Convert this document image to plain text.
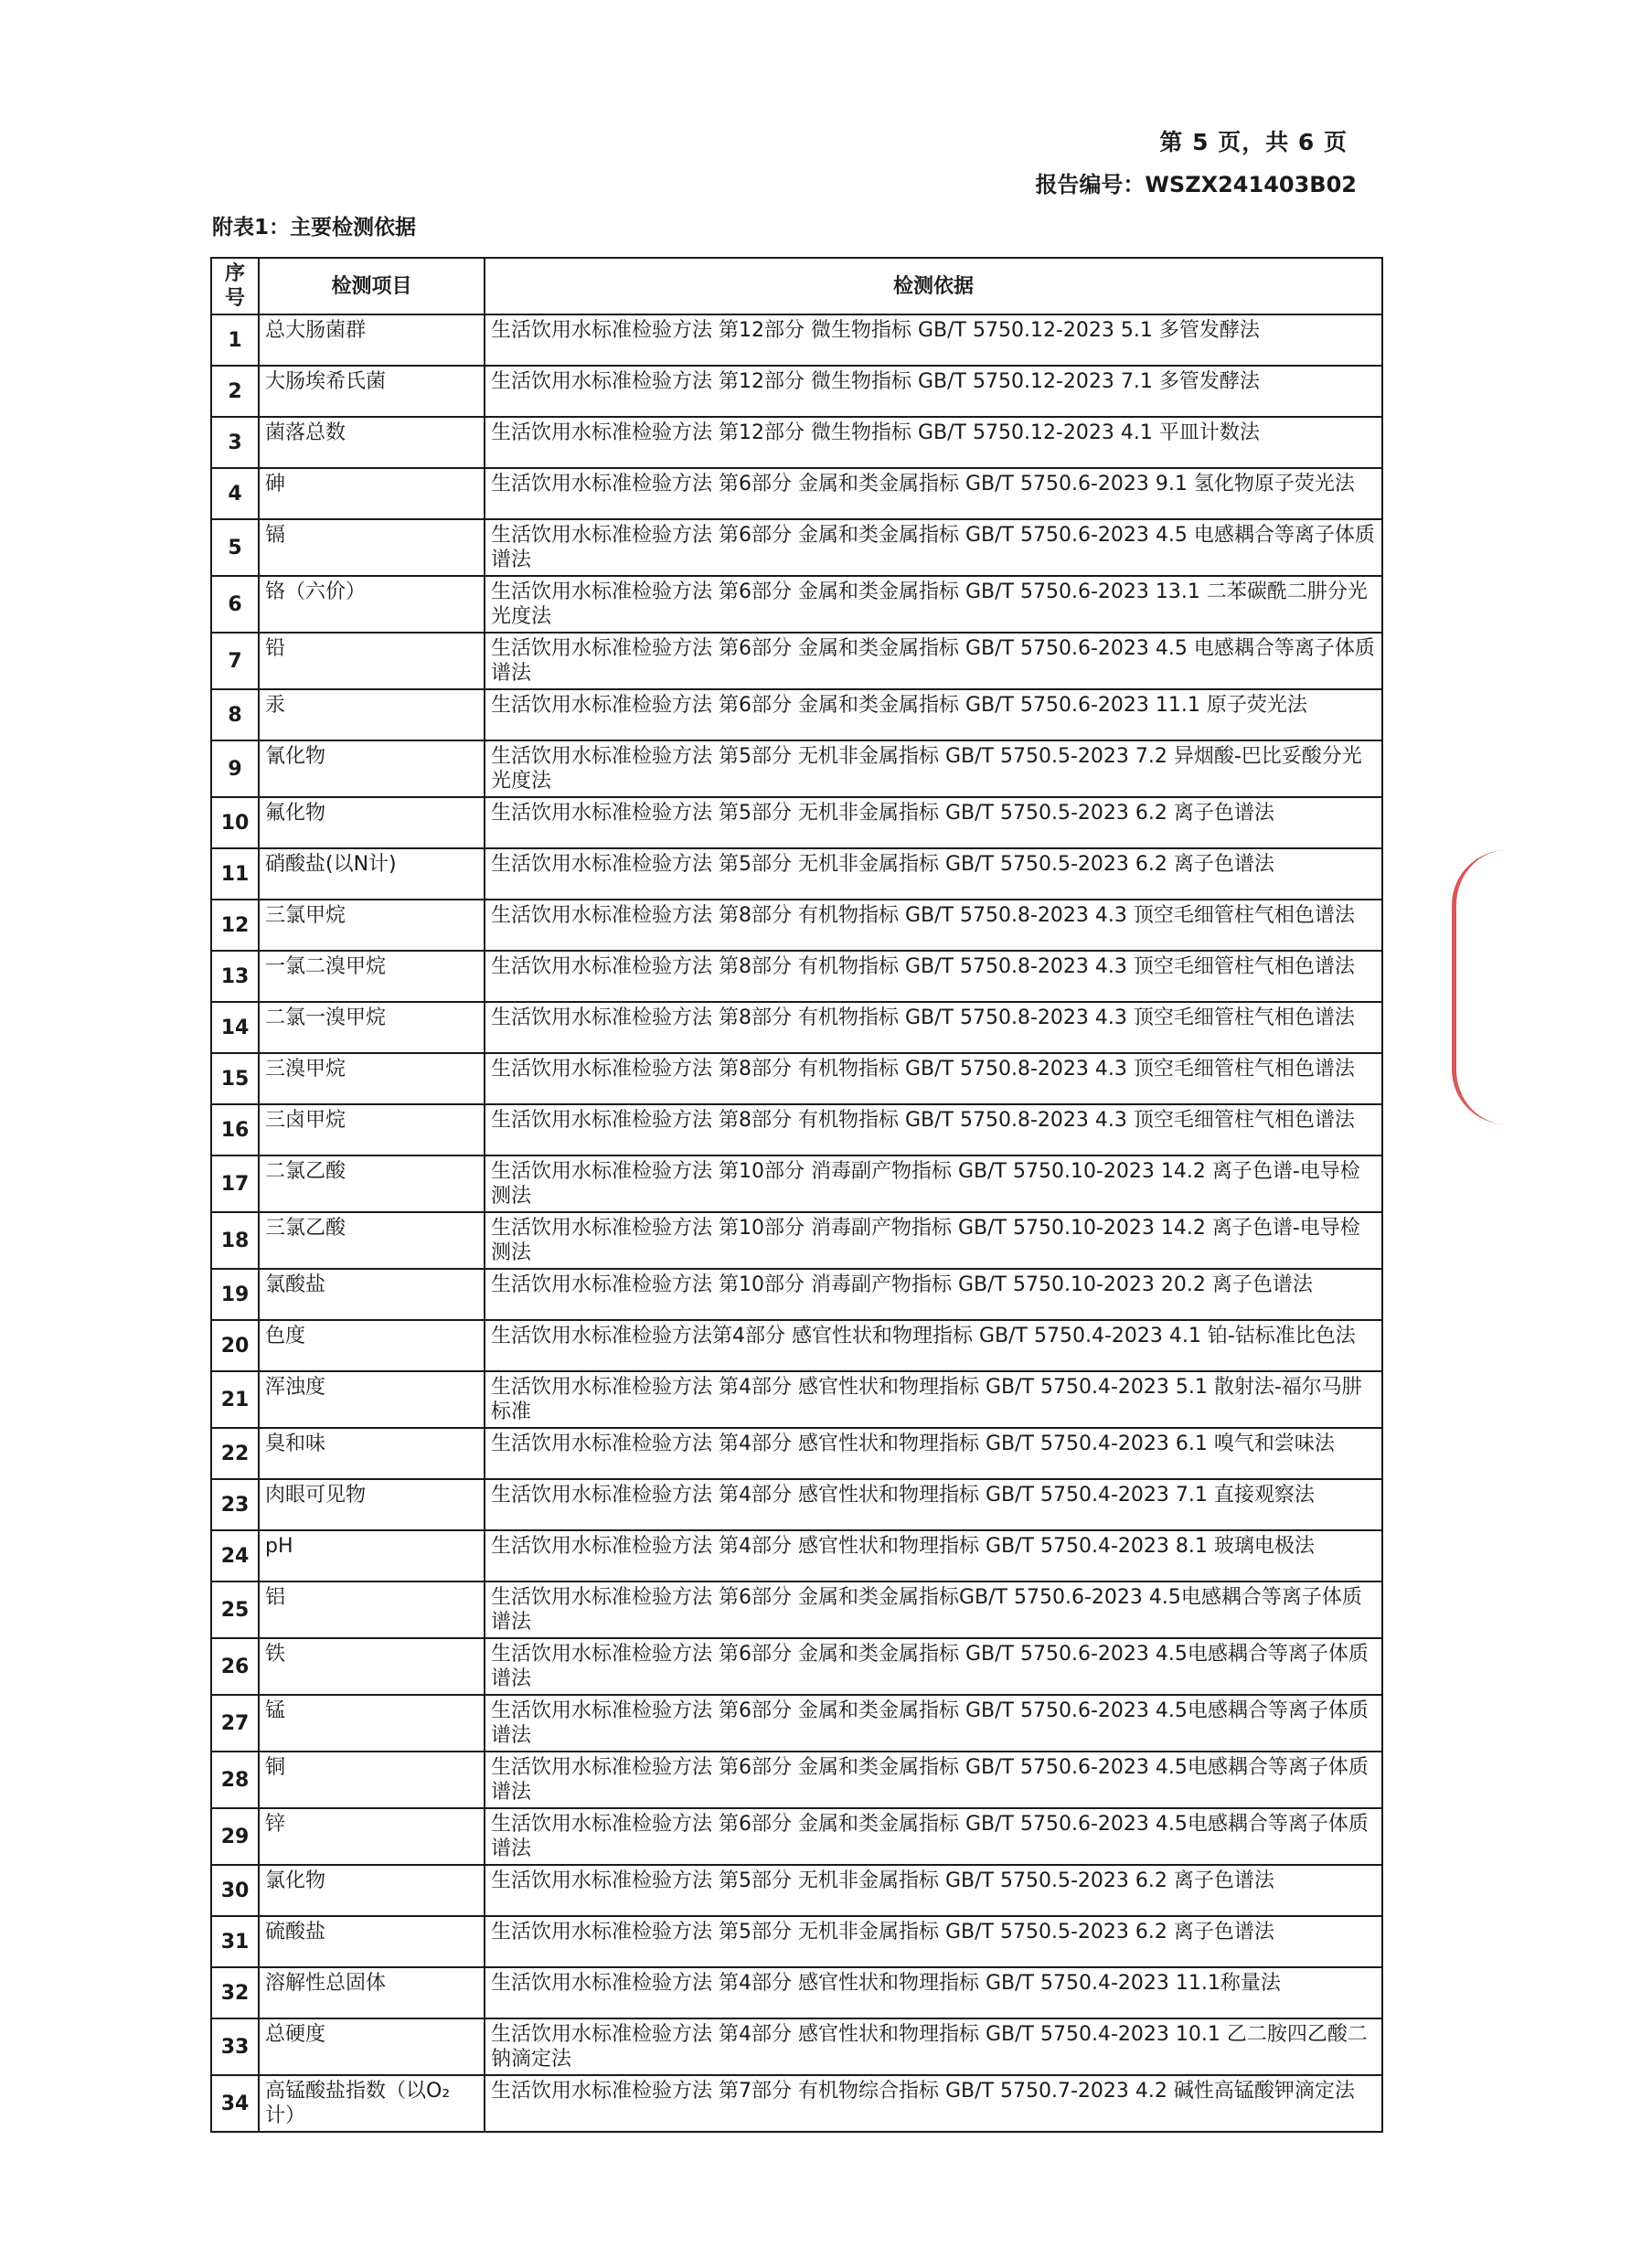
第 5 页，共 6 页
报告编号：WSZX241403B02
附表1：主要检测依据
序号	检测项目	检测依据
1	总大肠菌群	生活饮用水标准检验方法 第12部分 微生物指标 GB/T 5750.12-2023 5.1 多管发酵法
2	大肠埃希氏菌	生活饮用水标准检验方法 第12部分 微生物指标 GB/T 5750.12-2023 7.1 多管发酵法
3	菌落总数	生活饮用水标准检验方法 第12部分 微生物指标 GB/T 5750.12-2023 4.1 平皿计数法
4	砷	生活饮用水标准检验方法 第6部分 金属和类金属指标 GB/T 5750.6-2023 9.1 氢化物原子荧光法
5	镉	生活饮用水标准检验方法 第6部分 金属和类金属指标 GB/T 5750.6-2023 4.5 电感耦合等离子体质谱法
6	铬（六价）	生活饮用水标准检验方法 第6部分 金属和类金属指标 GB/T 5750.6-2023 13.1 二苯碳酰二肼分光光度法
7	铅	生活饮用水标准检验方法 第6部分 金属和类金属指标 GB/T 5750.6-2023 4.5 电感耦合等离子体质谱法
8	汞	生活饮用水标准检验方法 第6部分 金属和类金属指标 GB/T 5750.6-2023 11.1 原子荧光法
9	氰化物	生活饮用水标准检验方法 第5部分 无机非金属指标 GB/T 5750.5-2023 7.2 异烟酸-巴比妥酸分光光度法
10	氟化物	生活饮用水标准检验方法 第5部分 无机非金属指标 GB/T 5750.5-2023 6.2 离子色谱法
11	硝酸盐(以N计)	生活饮用水标准检验方法 第5部分 无机非金属指标 GB/T 5750.5-2023 6.2 离子色谱法
12	三氯甲烷	生活饮用水标准检验方法 第8部分 有机物指标 GB/T 5750.8-2023 4.3 顶空毛细管柱气相色谱法
13	一氯二溴甲烷	生活饮用水标准检验方法 第8部分 有机物指标 GB/T 5750.8-2023 4.3 顶空毛细管柱气相色谱法
14	二氯一溴甲烷	生活饮用水标准检验方法 第8部分 有机物指标 GB/T 5750.8-2023 4.3 顶空毛细管柱气相色谱法
15	三溴甲烷	生活饮用水标准检验方法 第8部分 有机物指标 GB/T 5750.8-2023 4.3 顶空毛细管柱气相色谱法
16	三卤甲烷	生活饮用水标准检验方法 第8部分 有机物指标 GB/T 5750.8-2023 4.3 顶空毛细管柱气相色谱法
17	二氯乙酸	生活饮用水标准检验方法 第10部分 消毒副产物指标 GB/T 5750.10-2023 14.2 离子色谱-电导检测法
18	三氯乙酸	生活饮用水标准检验方法 第10部分 消毒副产物指标 GB/T 5750.10-2023 14.2 离子色谱-电导检测法
19	氯酸盐	生活饮用水标准检验方法 第10部分 消毒副产物指标 GB/T 5750.10-2023 20.2 离子色谱法
20	色度	生活饮用水标准检验方法第4部分 感官性状和物理指标 GB/T 5750.4-2023 4.1 铂-钴标准比色法
21	浑浊度	生活饮用水标准检验方法 第4部分 感官性状和物理指标 GB/T 5750.4-2023 5.1 散射法-福尔马肼标准
22	臭和味	生活饮用水标准检验方法 第4部分 感官性状和物理指标 GB/T 5750.4-2023 6.1 嗅气和尝味法
23	肉眼可见物	生活饮用水标准检验方法 第4部分 感官性状和物理指标 GB/T 5750.4-2023 7.1 直接观察法
24	pH	生活饮用水标准检验方法 第4部分 感官性状和物理指标 GB/T 5750.4-2023 8.1 玻璃电极法
25	铝	生活饮用水标准检验方法 第6部分 金属和类金属指标GB/T 5750.6-2023 4.5电感耦合等离子体质谱法
26	铁	生活饮用水标准检验方法 第6部分 金属和类金属指标 GB/T 5750.6-2023 4.5电感耦合等离子体质谱法
27	锰	生活饮用水标准检验方法 第6部分 金属和类金属指标 GB/T 5750.6-2023 4.5电感耦合等离子体质谱法
28	铜	生活饮用水标准检验方法 第6部分 金属和类金属指标 GB/T 5750.6-2023 4.5电感耦合等离子体质谱法
29	锌	生活饮用水标准检验方法 第6部分 金属和类金属指标 GB/T 5750.6-2023 4.5电感耦合等离子体质谱法
30	氯化物	生活饮用水标准检验方法 第5部分 无机非金属指标 GB/T 5750.5-2023 6.2 离子色谱法
31	硫酸盐	生活饮用水标准检验方法 第5部分 无机非金属指标 GB/T 5750.5-2023 6.2 离子色谱法
32	溶解性总固体	生活饮用水标准检验方法 第4部分 感官性状和物理指标 GB/T 5750.4-2023 11.1称量法
33	总硬度	生活饮用水标准检验方法 第4部分 感官性状和物理指标 GB/T 5750.4-2023 10.1 乙二胺四乙酸二钠滴定法
34	高锰酸盐指数（以O₂ 计）	生活饮用水标准检验方法 第7部分 有机物综合指标 GB/T 5750.7-2023 4.2 碱性高锰酸钾滴定法
